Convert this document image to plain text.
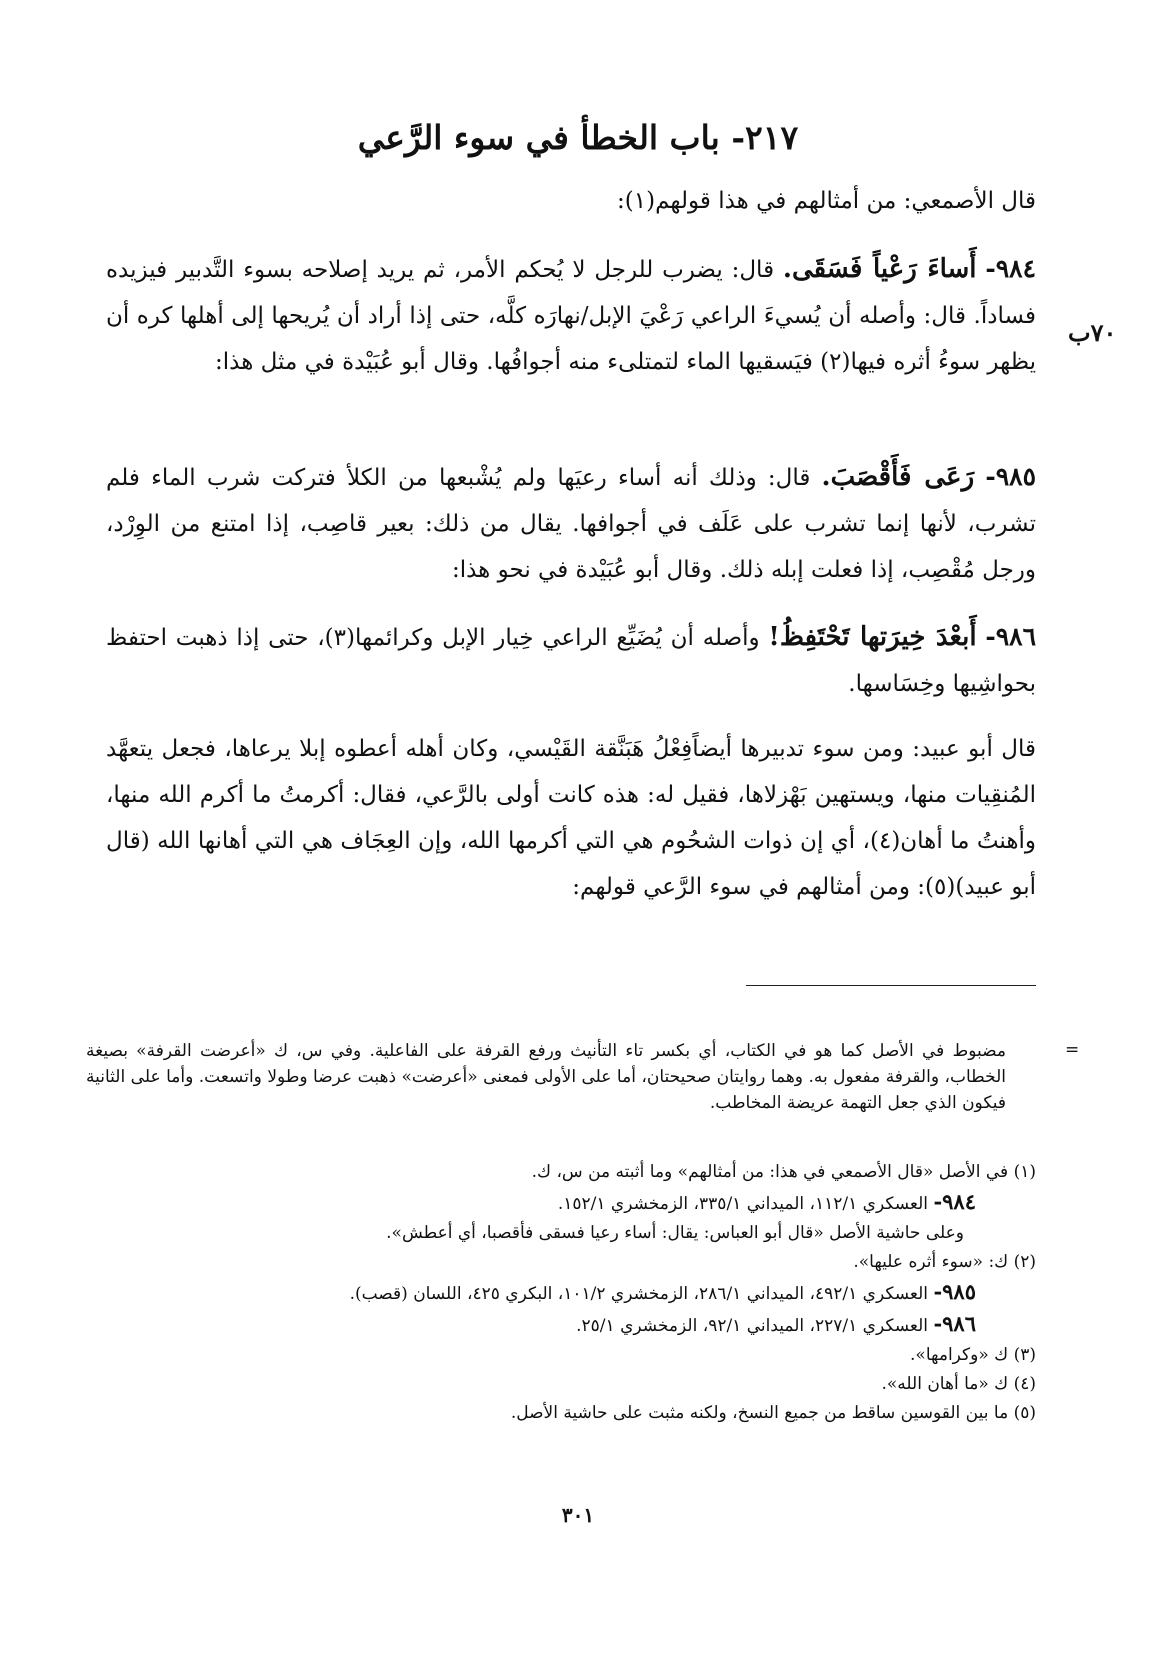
٢١٧- باب الخطأ في سوء الرَّعي
٧٠ب
قال الأصمعي: من أمثالهم في هذا قولهم(١):
٩٨٤- أَساءَ رَعْياً فَسَقَى. قال: يضرب للرجل لا يُحكم الأمر، ثم يريد إصلاحه بسوء التَّدبير فيزيده فساداً. قال: وأصله أن يُسيءَ الراعي رَعْيَ الإبل/نهارَه كلَّه، حتى إذا أراد أن يُريحها إلى أهلها كره أن يظهر سوءُ أثره فيها(٢) فيَسقيها الماء لتمتلىء منه أجوافُها. وقال أبو عُبَيْدة في مثل هذا:
٩٨٥- رَعَى فَأَقْصَبَ. قال: وذلك أنه أساء رعيَها ولم يُشْبعها من الكلأ فتركت شرب الماء فلم تشرب، لأنها إنما تشرب على عَلَف في أجوافها. يقال من ذلك: بعير قاصِب، إذا امتنع من الوِرْد، ورجل مُقْصِب، إذا فعلت إبله ذلك. وقال أبو عُبَيْدة في نحو هذا:
٩٨٦- أَبعْدَ خِيرَتها تَحْتَفِظُ! وأصله أن يُضَيِّع الراعي خِيار الإبل وكرائمها(٣)، حتى إذا ذهبت احتفظ بحواشِيها وخِسَاسها.
قال أبو عبيد: ومن سوء تدبيرها أيضاًفِعْلُ هَبَنَّقة القَيْسي، وكان أهله أعطوه إبلا يرعاها، فجعل يتعهَّد المُنقِيات منها، ويستهين بَهْزلاها، فقيل له: هذه كانت أولى بالرَّعي، فقال: أكرمتُ ما أكرم الله منها، وأهنتُ ما أهان(٤)، أي إن ذوات الشحُوم هي التي أكرمها الله، وإن العِجَاف هي التي أهانها الله (قال أبو عبيد)(٥): ومن أمثالهم في سوء الرَّعي قولهم:
=
مضبوط في الأصل كما هو في الكتاب، أي بكسر تاء التأنيث ورفع القرفة على الفاعلية. وفي س، ك «أعرضت القرفة» بصيغة الخطاب، والقرفة مفعول به. وهما روايتان صحيحتان، أما على الأولى فمعنى «أعرضت» ذهبت عرضا وطولا واتسعت. وأما على الثانية فيكون الذي جعل التهمة عريضة المخاطب.
(١) في الأصل «قال الأصمعي في هذا: من أمثالهم» وما أثبته من س، ك.
٩٨٤- العسكري ١١٢/١، الميداني ٣٣٥/١، الزمخشري ١٥٢/١.
وعلى حاشية الأصل «قال أبو العباس: يقال: أساء رعيا فسقى فأقصبا، أي أعطش».
(٢) ك: «سوء أثره عليها».
٩٨٥- العسكري ٤٩٢/١، الميداني ٢٨٦/١، الزمخشري ١٠١/٢، البكري ٤٢٥، اللسان (قصب).
٩٨٦- العسكري ٢٢٧/١، الميداني ٩٢/١، الزمخشري ٢٥/١.
(٣) ك «وكرامها».
(٤) ك «ما أهان الله».
(٥) ما بين القوسين ساقط من جميع النسخ، ولكنه مثبت على حاشية الأصل.
٣٠١
